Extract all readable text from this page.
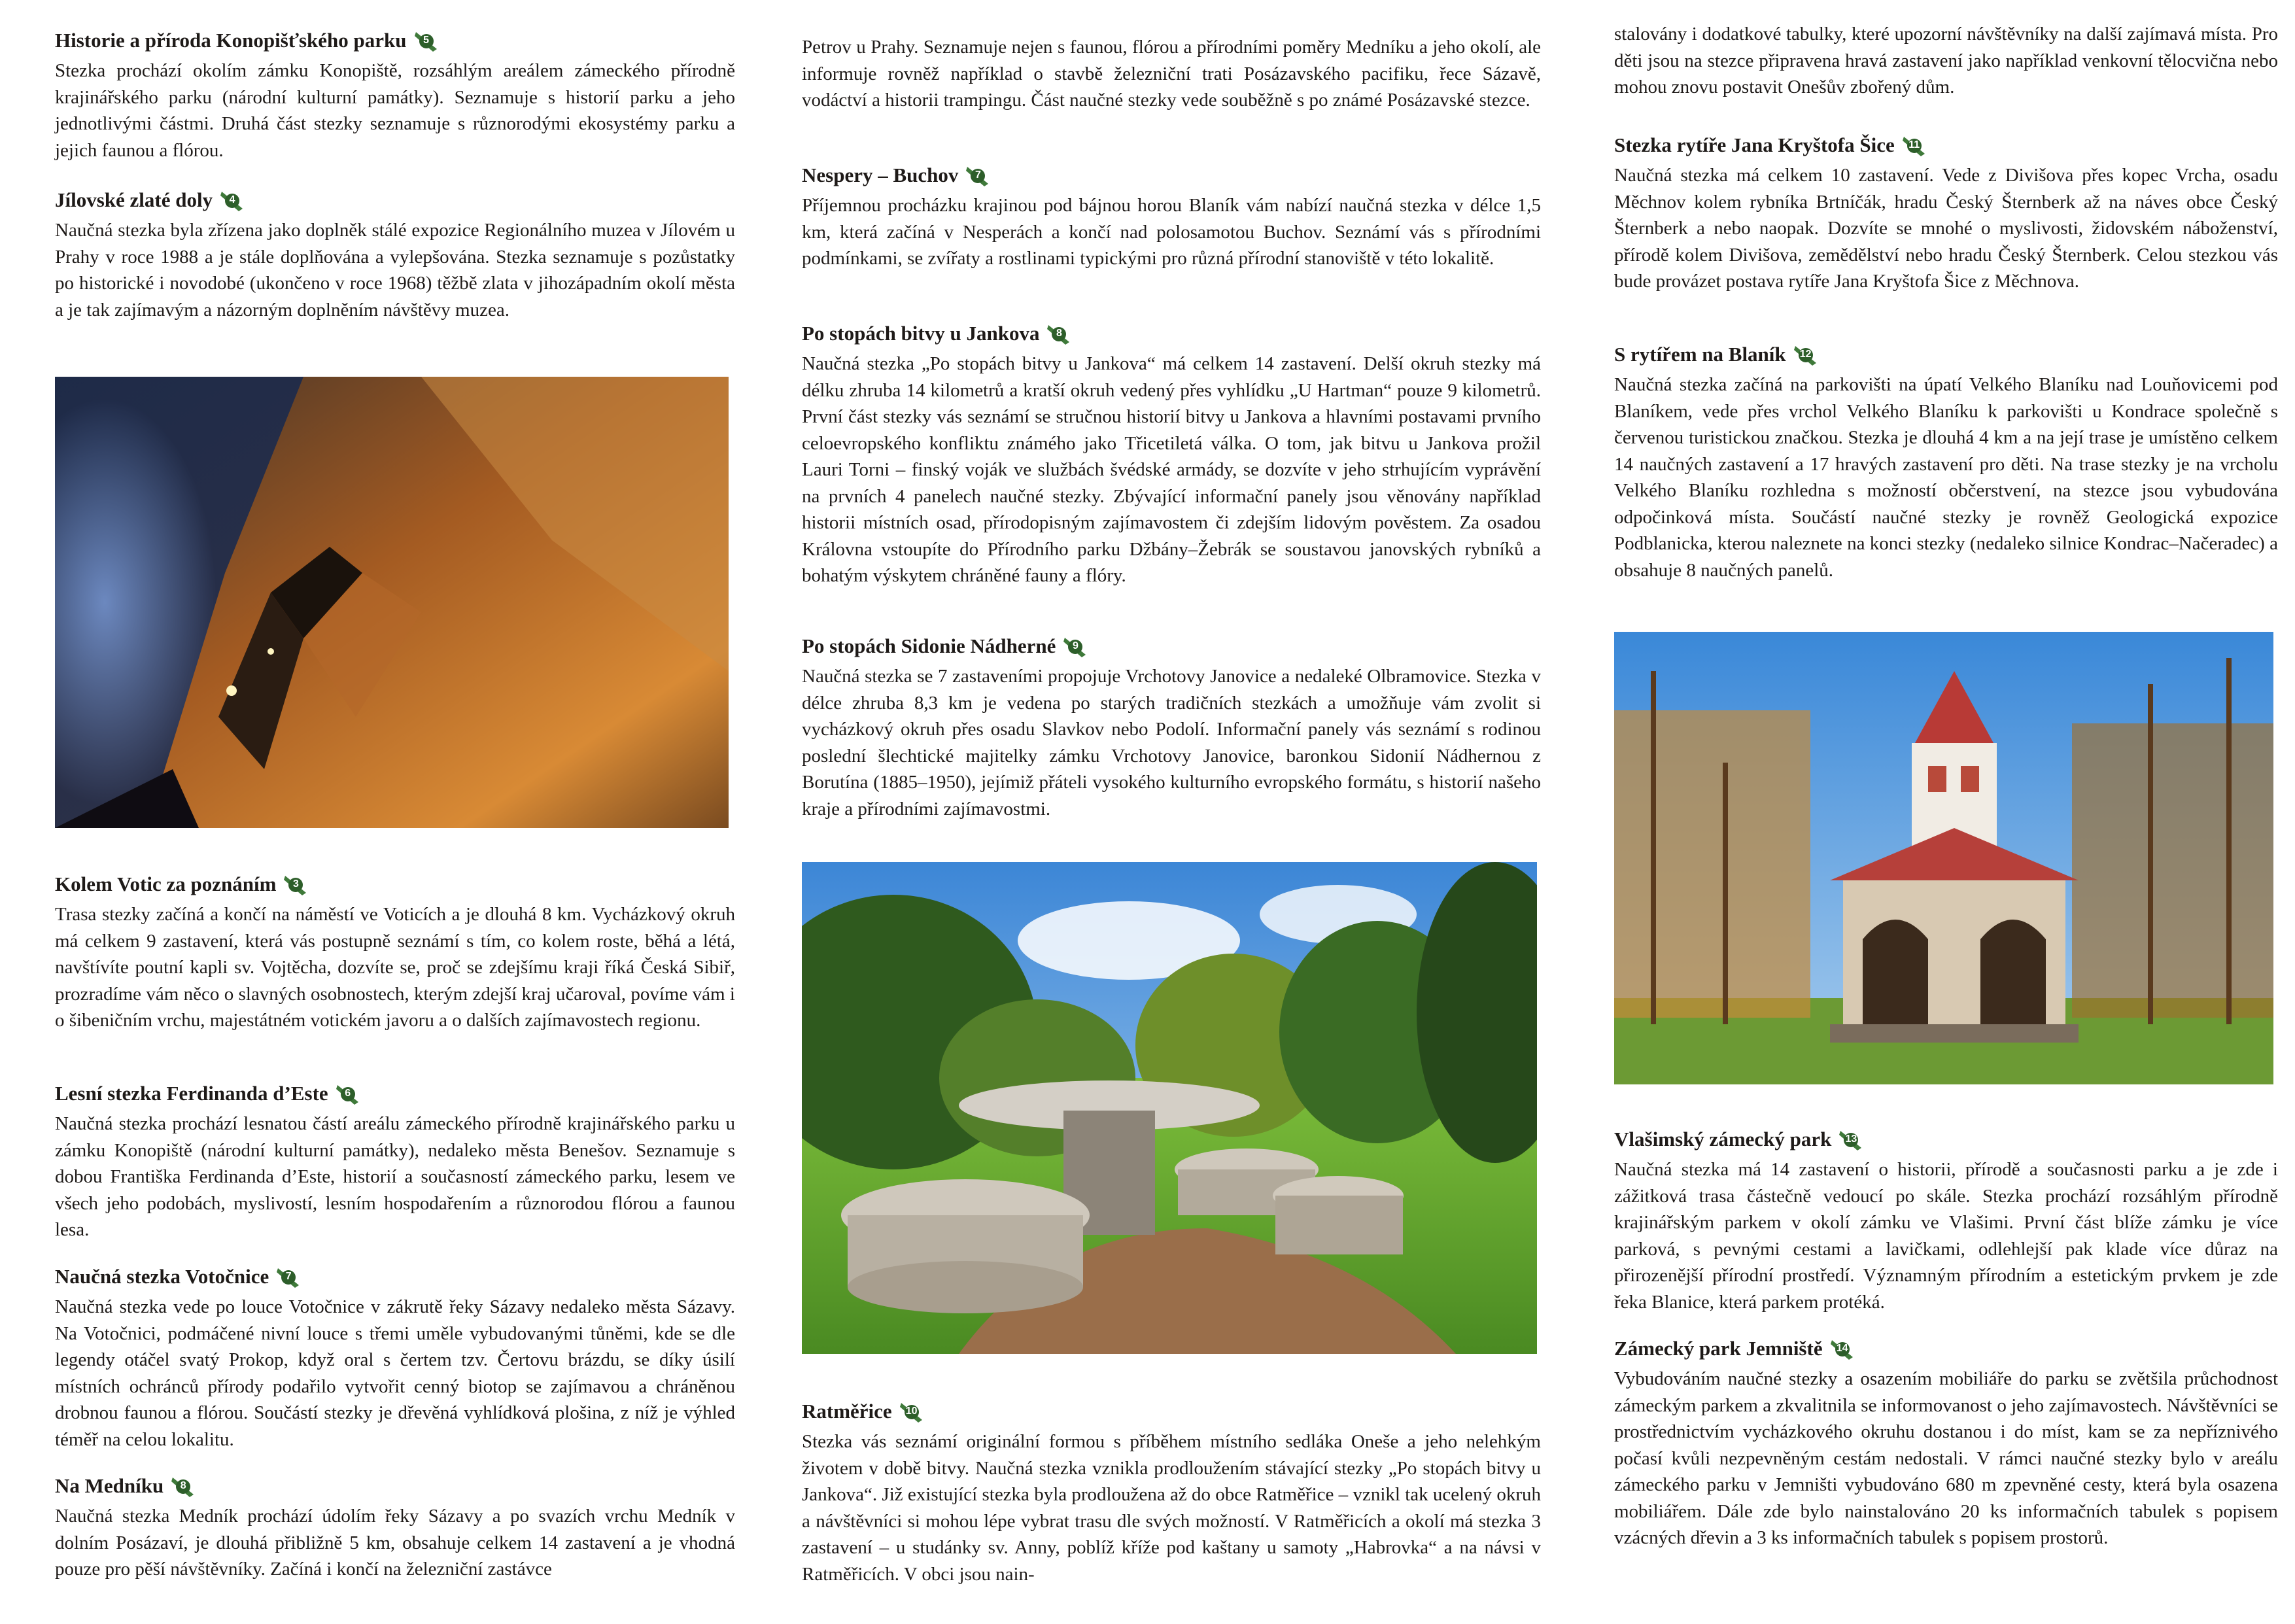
Historie a příroda Konopišťského parku 5

Stezka prochází okolím zámku Konopiště, rozsáhlým areálem zámeckého přírodně krajinářského parku (národní kulturní památky). Seznamuje s historií parku a jeho jednotlivými částmi. Druhá část stezky seznamuje s různorodými ekosystémy parku a jejich faunou a flórou.

Jílovské zlaté doly 4

Naučná stezka byla zřízena jako doplněk stálé expozice Regionálního muzea v Jílovém u Prahy v roce 1988 a je stále doplňována a vylepšována. Stezka seznamuje s pozůstatky po historické i novodobé (ukončeno v roce 1968) těžbě zlata v jihozápadním okolí města a je tak zajímavým a názorným doplněním návštěvy muzea.

Kolem Votic za poznáním 3

Trasa stezky začíná a končí na náměstí ve Voticích a je dlouhá 8 km. Vycházkový okruh má celkem 9 zastavení, která vás postupně seznámí s tím, co kolem roste, běhá a létá, navštívíte poutní kapli sv. Vojtěcha, dozvíte se, proč se zdejšímu kraji říká Česká Sibiř, prozradíme vám něco o slavných osobnostech, kterým zdejší kraj učaroval, povíme vám i o šibeničním vrchu, majestátném votickém javoru a o dalších zajímavostech regionu.

Lesní stezka Ferdinanda d’Este 6

Naučná stezka prochází lesnatou částí areálu zámeckého přírodně krajinářského parku u zámku Konopiště (národní kulturní památky), nedaleko města Benešov. Seznamuje s dobou Františka Ferdinanda d’Este, historií a současností zámeckého parku, lesem ve všech jeho podobách, myslivostí, lesním hospodařením a různorodou flórou a faunou lesa.

Naučná stezka Votočnice 7

Naučná stezka vede po louce Votočnice v zákrutě řeky Sázavy nedaleko města Sázavy. Na Votočnici, podmáčené nivní louce s třemi uměle vybudovanými tůněmi, kde se dle legendy otáčel svatý Prokop, když oral s čertem tzv. Čertovu brázdu, se díky úsilí místních ochránců přírody podařilo vytvořit cenný biotop se zajímavou a chráněnou drobnou faunou a flórou. Součástí stezky je dřevěná vyhlídková plošina, z níž je výhled téměř na celou lokalitu.

Na Medníku 8

Naučná stezka Medník prochází údolím řeky Sázavy a po svazích vrchu Medník v dolním Posázaví, je dlouhá přibližně 5 km, obsahuje celkem 14 zastavení a je vhodná pouze pro pěší návštěvníky. Začíná i končí na železniční zastávce

Petrov u Prahy. Seznamuje nejen s faunou, flórou a přírodními poměry Medníku a jeho okolí, ale informuje rovněž například o stavbě železniční trati Posázavského pacifiku, řece Sázavě, vodáctví a historii trampingu. Část naučné stezky vede souběžně s po známé Posázavské stezce.

Nespery – Buchov 7

Příjemnou procházku krajinou pod bájnou horou Blaník vám nabízí naučná stezka v délce 1,5 km, která začíná v Nesperách a končí nad polosamotou Buchov. Seznámí vás s přírodními podmínkami, se zvířaty a rostlinami typickými pro různá přírodní stanoviště v této lokalitě.

Po stopách bitvy u Jankova 8

Naučná stezka „Po stopách bitvy u Jankova“ má celkem 14 zastavení. Delší okruh stezky má délku zhruba 14 kilometrů a kratší okruh vedený přes vyhlídku „U Hartman“ pouze 9 kilometrů. První část stezky vás seznámí se stručnou historií bitvy u Jankova a hlavními postavami prvního celoevropského konfliktu známého jako Třicetiletá válka. O tom, jak bitvu u Jankova prožil Lauri Torni – finský voják ve službách švédské armády, se dozvíte v jeho strhujícím vyprávění na prvních 4 panelech naučné stezky. Zbývající informační panely jsou věnovány například historii místních osad, přírodopisným zajímavostem či zdejším lidovým pověstem. Za osadou Královna vstoupíte do Přírodního parku Džbány–Žebrák se soustavou janovských rybníků a bohatým výskytem chráněné fauny a flóry.

Po stopách Sidonie Nádherné 9

Naučná stezka se 7 zastaveními propojuje Vrchotovy Janovice a nedaleké Olbramovice. Stezka v délce zhruba 8,3 km je vedena po starých tradičních stezkách a umožňuje vám zvolit si vycházkový okruh přes osadu Slavkov nebo Podolí. Informační panely vás seznámí s rodinou poslední šlechtické majitelky zámku Vrchotovy Janovice, baronkou Sidonií Nádhernou z Borutína (1885–1950), jejímiž přáteli vysokého kulturního evropského formátu, s historií našeho kraje a přírodními zajímavostmi.

Ratměřice 10

Stezka vás seznámí originální formou s příběhem místního sedláka Oneše a jeho nelehkým životem v době bitvy. Naučná stezka vznikla prodloužením stávající stezky „Po stopách bitvy u Jankova“. Již existující stezka byla prodloužena až do obce Ratměřice – vznikl tak ucelený okruh a návštěvníci si mohou lépe vybrat trasu dle svých možností. V Ratměřicích a okolí má stezka 3 zastavení – u studánky sv. Anny, poblíž kříže pod kaštany u samoty „Habrovka“ a na návsi v Ratměřicích. V obci jsou nain-

stalovány i dodatkové tabulky, které upozorní návštěvníky na další zajímavá místa. Pro děti jsou na stezce připravena hravá zastavení jako například venkovní tělocvična nebo mohou znovu postavit Onešův zbořený dům.

Stezka rytíře Jana Kryštofa Šice 11

Naučná stezka má celkem 10 zastavení. Vede z Divišova přes kopec Vrcha, osadu Měchnov kolem rybníka Brtníčák, hradu Český Šternberk až na náves obce Český Šternberk a nebo naopak. Dozvíte se mnohé o myslivosti, židovském náboženství, přírodě kolem Divišova, zemědělství nebo hradu Český Šternberk. Celou stezkou vás bude provázet postava rytíře Jana Kryštofa Šice z Měchnova.

S rytířem na Blaník 12

Naučná stezka začíná na parkovišti na úpatí Velkého Blaníku nad Louňovicemi pod Blaníkem, vede přes vrchol Velkého Blaníku k parkovišti u Kondrace společně s červenou turistickou značkou. Stezka je dlouhá 4 km a na její trase je umístěno celkem 14 naučných zastavení a 17 hravých zastavení pro děti. Na trase stezky je na vrcholu Velkého Blaníku rozhledna s možností občerstvení, na stezce jsou vybudována odpočinková místa. Součástí naučné stezky je rovněž Geologická expozice Podblanicka, kterou naleznete na konci stezky (nedaleko silnice Kondrac–Načeradec) a obsahuje 8 naučných panelů.

Vlašimský zámecký park 13

Naučná stezka má 14 zastavení o historii, přírodě a současnosti parku a je zde i zážitková trasa částečně vedoucí po skále. Stezka prochází rozsáhlým přírodně krajinářským parkem v okolí zámku ve Vlašimi. První část blíže zámku je více parková, s pevnými cestami a lavičkami, odlehlejší pak klade více důraz na přirozenější přírodní prostředí. Významným přírodním a estetickým prvkem je zde řeka Blanice, která parkem protéká.

Zámecký park Jemniště 14

Vybudováním naučné stezky a osazením mobiliáře do parku se zvětšila průchodnost zámeckým parkem a zkvalitnila se informovanost o jeho zajímavostech. Návštěvníci se prostřednictvím vycházkového okruhu dostanou i do míst, kam se za nepříznivého počasí kvůli nezpevněným cestám nedostali. V rámci naučné stezky bylo v areálu zámeckého parku v Jemništi vybudováno 680 m zpevněné cesty, která byla osazena mobiliářem. Dále zde bylo nainstalováno 20 ks informačních tabulek s popisem vzácných dřevin a 3 ks informačních tabulek s popisem prostorů.
